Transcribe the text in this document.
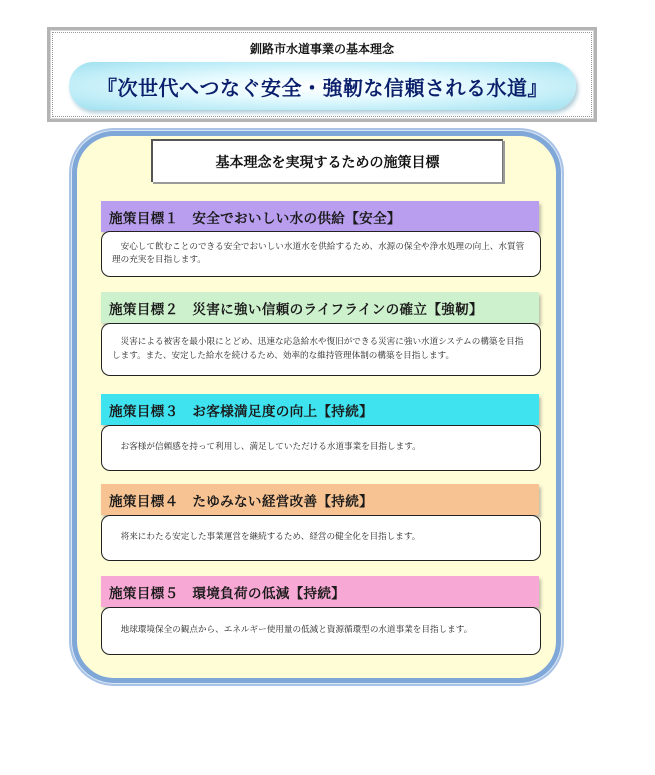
釧路市水道事業の基本理念
『次世代へつなぐ安全・強靭な信頼される水道』
基本理念を実現するための施策目標
施策目標１　安全でおいしい水の供給【安全】
　安心して飲むことのできる安全でおいしい水道水を供給するため、水源の保全や浄水処理の向上、水質管理の充実を目指します。
施策目標２　災害に強い信頼のライフラインの確立【強靭】
　災害による被害を最小限にとどめ、迅速な応急給水や復旧ができる災害に強い水道システムの構築を目指します。また、安定した給水を続けるため、効率的な維持管理体制の構築を目指します。
施策目標３　お客様満足度の向上【持続】
　お客様が信頼感を持って利用し、満足していただける水道事業を目指します。
施策目標４　たゆみない経営改善【持続】
　将来にわたる安定した事業運営を継続するため、経営の健全化を目指します。
施策目標５　環境負荷の低減【持続】
　地球環境保全の観点から、エネルギー使用量の低減と資源循環型の水道事業を目指します。
